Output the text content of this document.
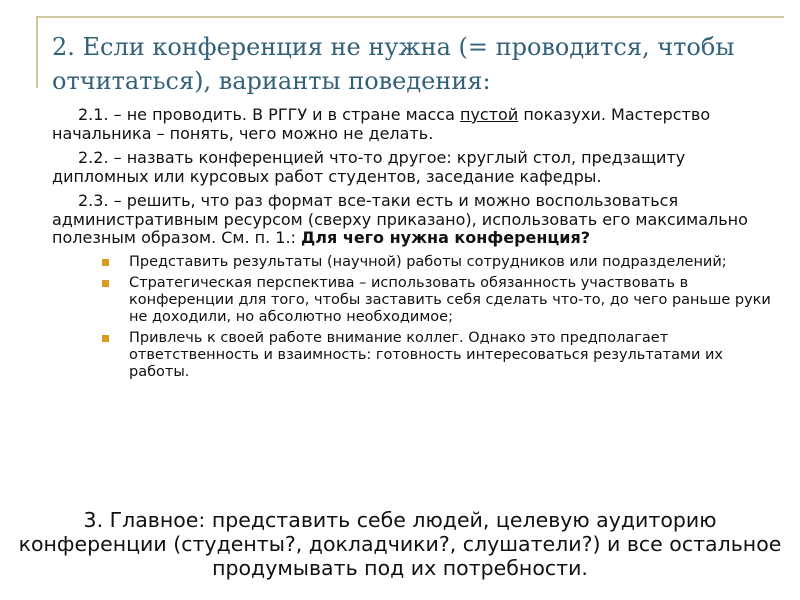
2. Если конференция не нужна (= проводится, чтобы отчитаться), варианты поведения:

2.1. – не проводить. В РГГУ и в стране масса пустой показухи. Мастерство начальника – понять, чего можно не делать.

2.2. – назвать конференцией что-то другое: круглый стол, предзащиту дипломных или курсовых работ студентов, заседание кафедры.

2.3. – решить, что раз формат все-таки есть и можно воспользоваться административным ресурсом (сверху приказано), использовать его максимально полезным образом. См. п. 1.: Для чего нужна конференция?

Представить результаты (научной) работы сотрудников или подразделений;
Стратегическая перспектива – использовать обязанность участвовать в конференции для того, чтобы заставить себя сделать что-то, до чего раньше руки не доходили, но абсолютно необходимое;
Привлечь к своей работе внимание коллег. Однако это предполагает ответственность и взаимность: готовность интересоваться результатами их работы.
3. Главное: представить себе людей, целевую аудиторию
конференции (студенты?, докладчики?, слушатели?) и все остальное продумывать под их потребности.
